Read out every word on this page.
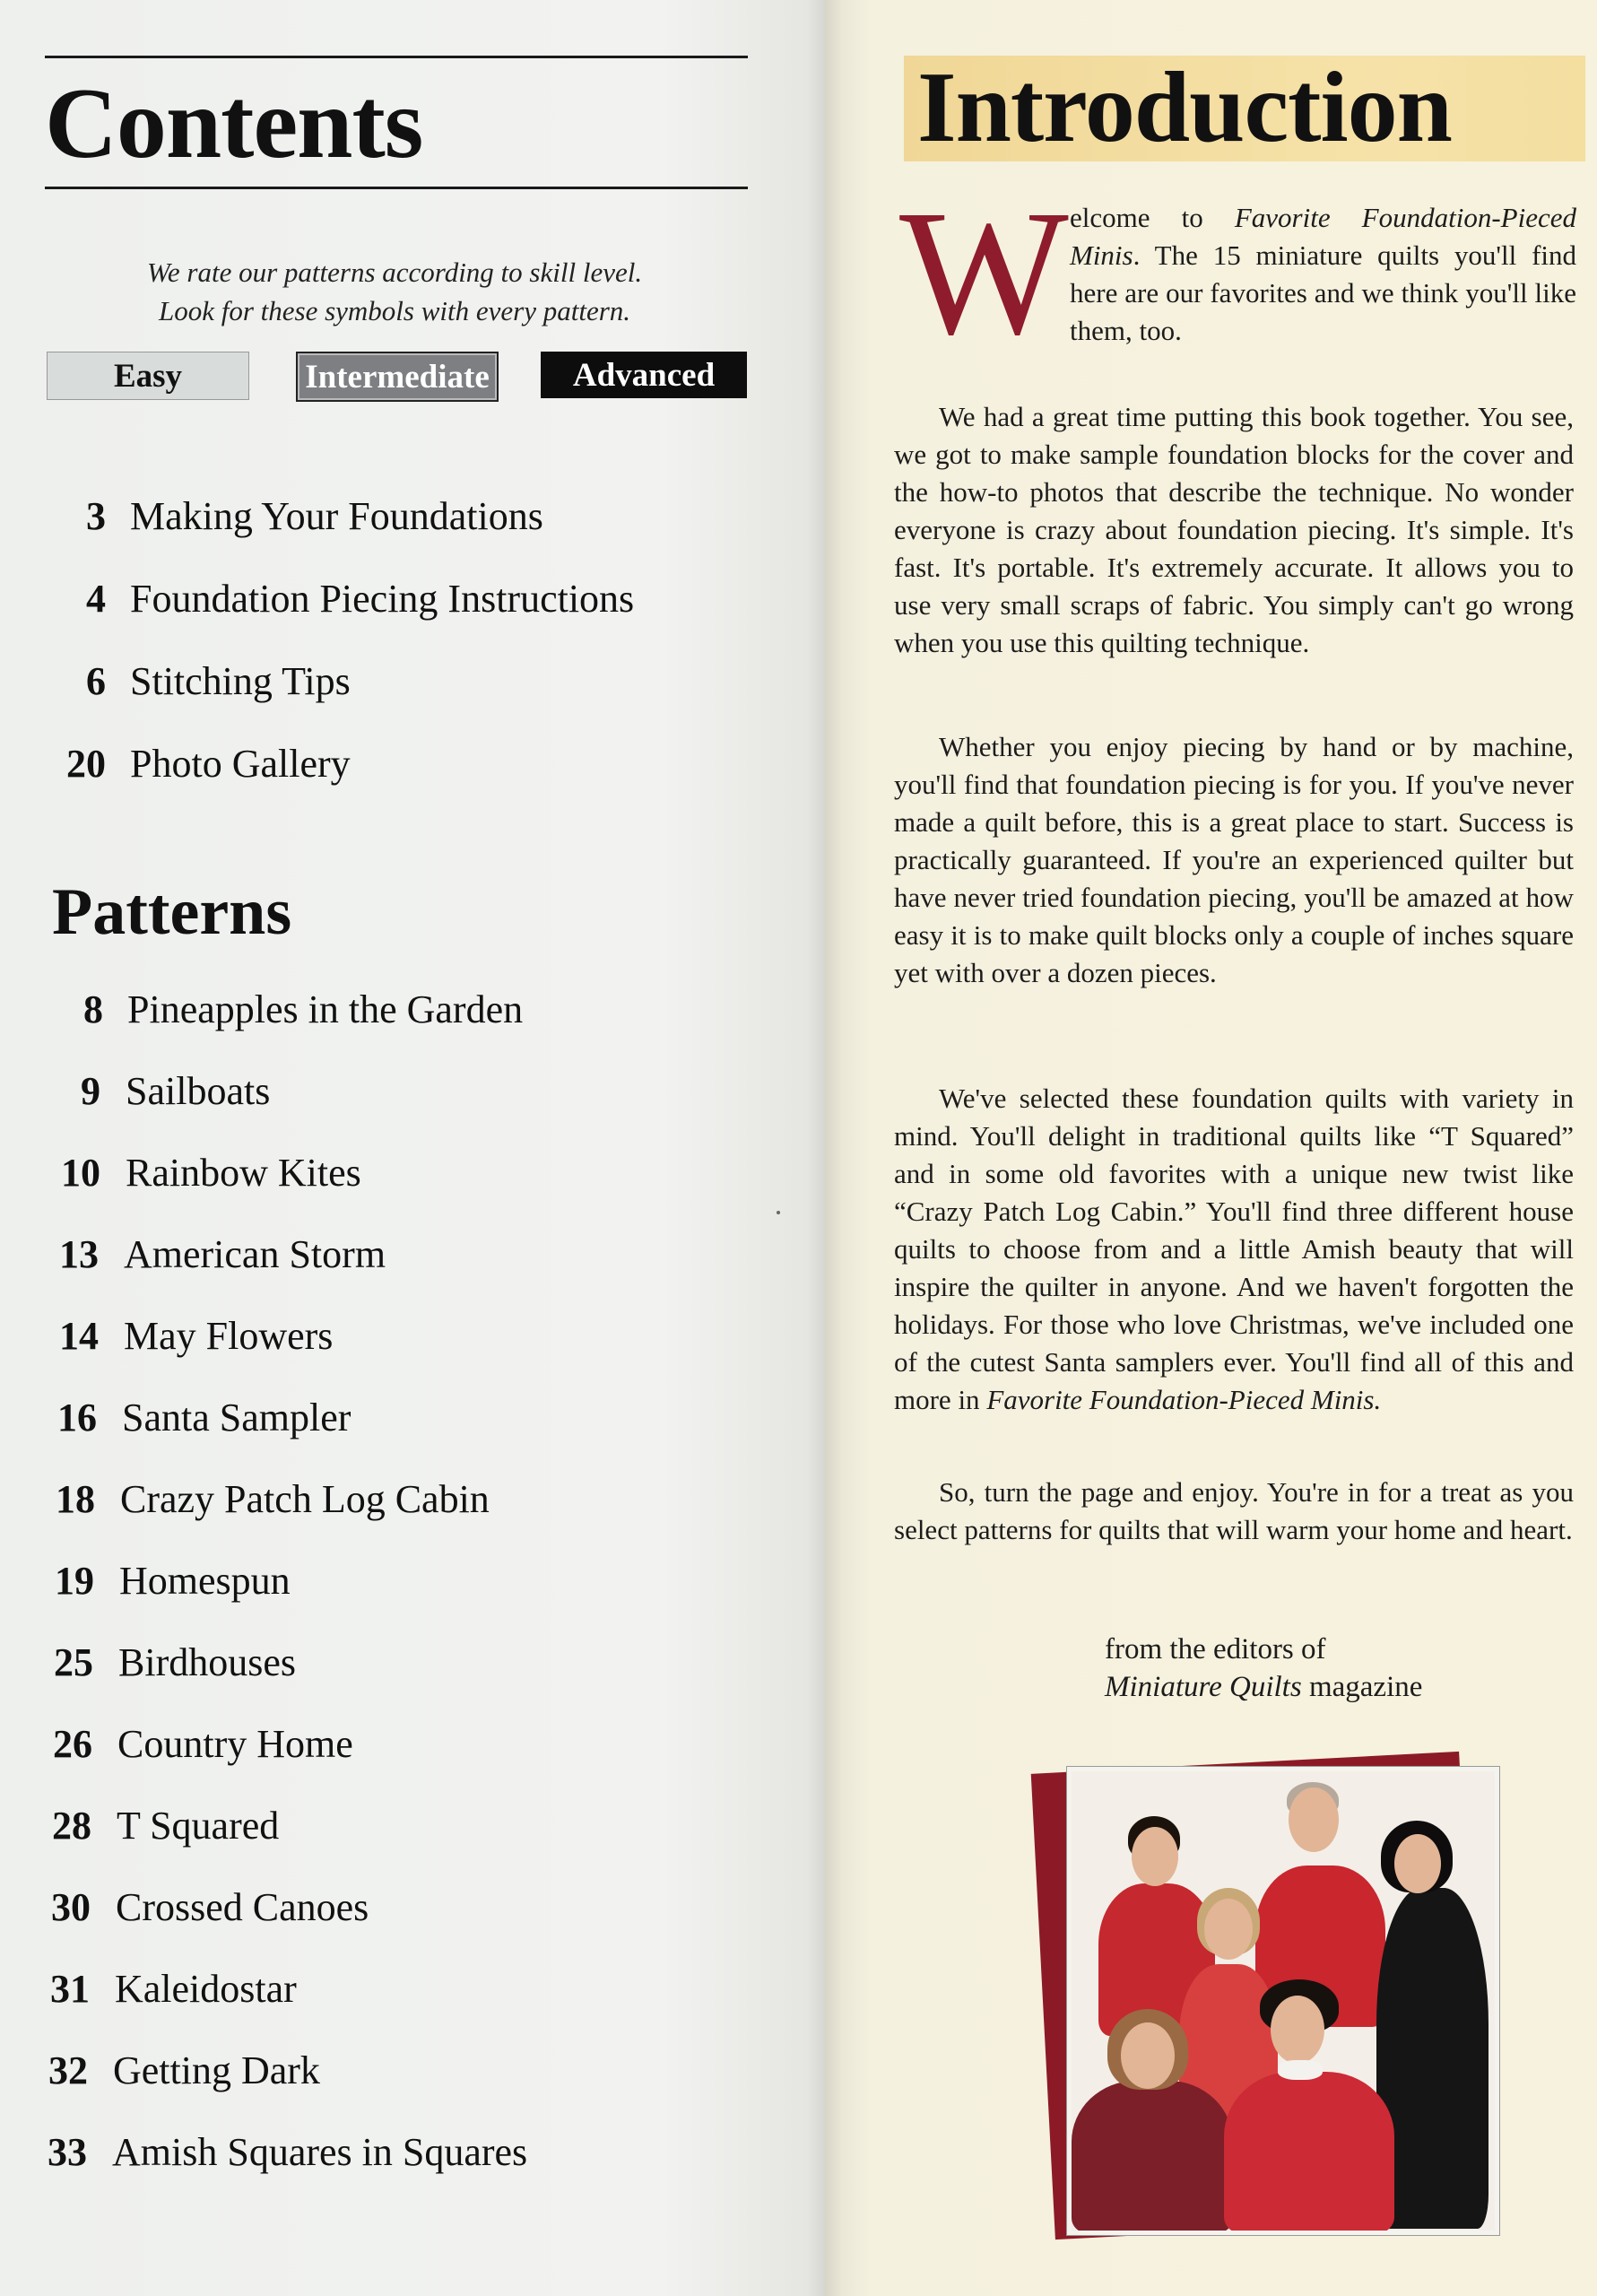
Contents
We rate our patterns according to skill level.
Look for these symbols with every pattern.
Easy	Intermediate	Advanced
3 Making Your Foundations
4 Foundation Piecing Instructions
6 Stitching Tips
20 Photo Gallery
Patterns
8 Pineapples in the Garden
9 Sailboats
10 Rainbow Kites
13 American Storm
14 May Flowers
16 Santa Sampler
18 Crazy Patch Log Cabin
19 Homespun
25 Birdhouses
26 Country Home
28 T Squared
30 Crossed Canoes
31 Kaleidostar
32 Getting Dark
33 Amish Squares in Squares
Introduction
W elcome to Favorite Foundation-Pieced Minis. The 15 miniature quilts you'll find here are our favorites and we think you'll like them, too.
We had a great time putting this book together. You see, we got to make sample foundation blocks for the cover and the how-to photos that describe the technique. No wonder everyone is crazy about foundation piecing. It's simple. It's fast. It's portable. It's extremely accurate. It allows you to use very small scraps of fabric. You simply can't go wrong when you use this quilting technique.
Whether you enjoy piecing by hand or by machine, you'll find that foundation piecing is for you. If you've never made a quilt before, this is a great place to start. Success is practically guaranteed. If you're an experienced quilter but have never tried foundation piecing, you'll be amazed at how easy it is to make quilt blocks only a couple of inches square yet with over a dozen pieces.
We've selected these foundation quilts with variety in mind. You'll delight in traditional quilts like “T Squared” and in some old favorites with a unique new twist like “Crazy Patch Log Cabin.” You'll find three different house quilts to choose from and a little Amish beauty that will inspire the quilter in anyone. And we haven't forgotten the holidays. For those who love Christmas, we've included one of the cutest Santa samplers ever. You'll find all of this and more in Favorite Foundation-Pieced Minis.
So, turn the page and enjoy. You're in for a treat as you select patterns for quilts that will warm your home and heart.
from the editors of
Miniature Quilts magazine
